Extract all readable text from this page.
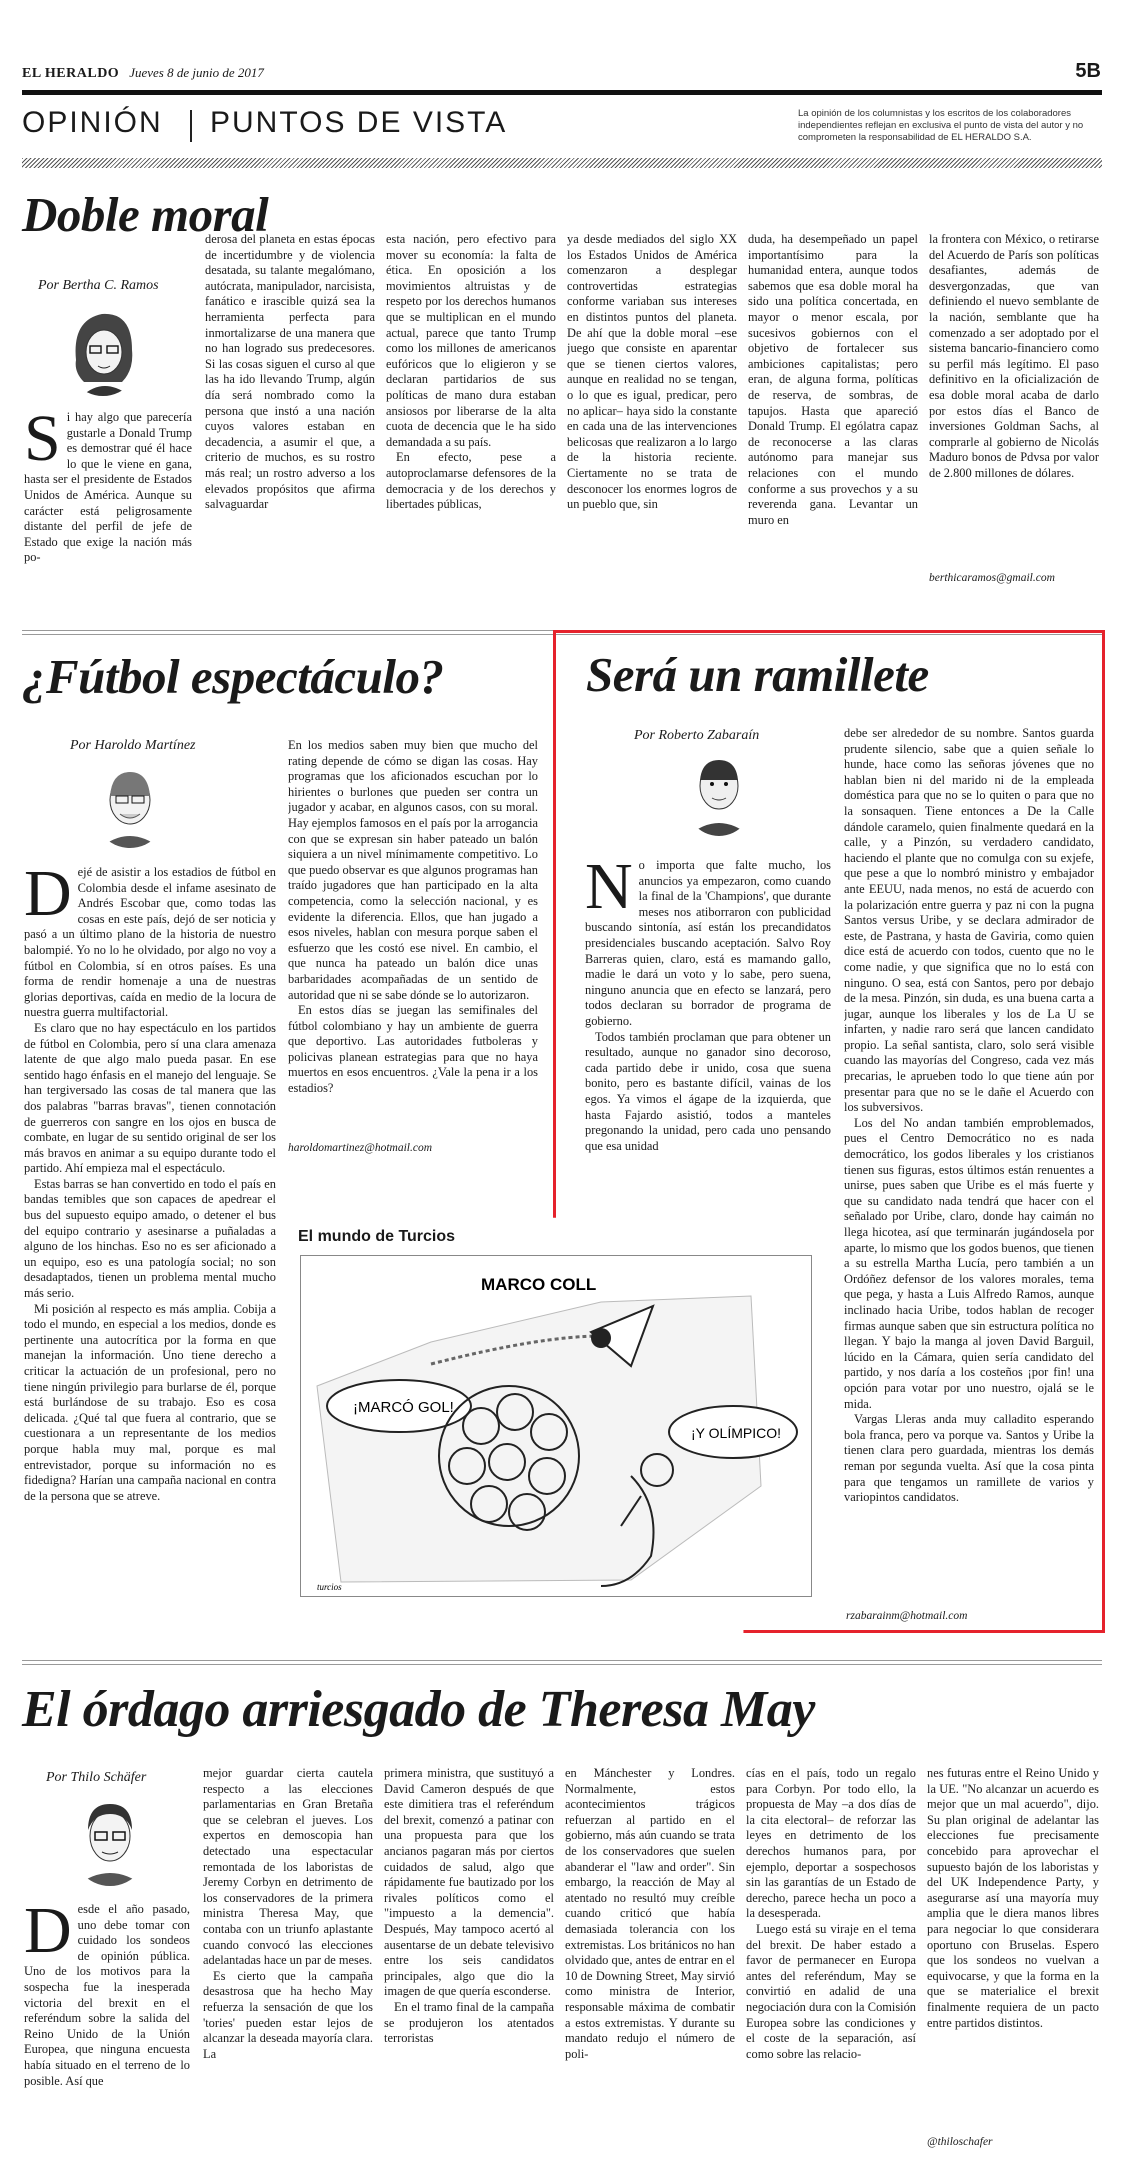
EL HERALDO Jueves 8 de junio de 2017	5B
OPINIÓN PUNTOS DE VISTA	La opinión de los columnistas y los escritos de los colaboradores independientes reflejan en exclusiva el punto de vista del autor y no comprometen la responsabilidad de EL HERALDO S.A.
Doble moral
Por Bertha C. Ramos
S i hay algo que parecería gustarle a Donald Trump es demostrar qué él hace lo que le viene en gana, hasta ser el presidente de Estados Unidos de América. Aunque su carácter está peligrosamente distante del perfil de jefe de Estado que exige la nación más po-

derosa del planeta en estas épocas de incertidumbre y de violencia desatada, su talante megalómano, autócrata, manipulador, narcisista, fanático e irascible quizá sea la herramienta perfecta para inmortalizarse de una manera que no han logrado sus predecesores. Si las cosas siguen el curso al que las ha ido llevando Trump, algún día será nombrado como la persona que instó a una nación cuyos valores estaban en decadencia, a asumir el que, a criterio de muchos, es su rostro más real; un rostro adverso a los elevados propósitos que afirma salvaguardar

esta nación, pero efectivo para mover su economía: la falta de ética. En oposición a los movimientos altruistas y de respeto por los derechos humanos que se multiplican en el mundo actual, parece que tanto Trump como los millones de americanos eufóricos que lo eligieron y se declaran partidarios de sus políticas de mano dura estaban ansiosos por liberarse de la alta cuota de decencia que le ha sido demandada a su país.

En efecto, pese a autoproclamarse defensores de la democracia y de los derechos y libertades públicas,

ya desde mediados del siglo XX los Estados Unidos de América comenzaron a desplegar controvertidas estrategias conforme variaban sus intereses en distintos puntos del planeta. De ahí que la doble moral –ese juego que consiste en aparentar que se tienen ciertos valores, aunque en realidad no se tengan, o lo que es igual, predicar, pero no aplicar– haya sido la constante en cada una de las intervenciones belicosas que realizaron a lo largo de la historia reciente. Ciertamente no se trata de desconocer los enormes logros de un pueblo que, sin

duda, ha desempeñado un papel importantísimo para la humanidad entera, aunque todos sabemos que esa doble moral ha sido una política concertada, en mayor o menor escala, por sucesivos gobiernos con el objetivo de fortalecer sus ambiciones capitalistas; pero eran, de alguna forma, políticas de reserva, de sombras, de tapujos. Hasta que apareció Donald Trump. El ególatra capaz de reconocerse a las claras autónomo para manejar sus relaciones con el mundo conforme a sus provechos y a su reverenda gana. Levantar un muro en

la frontera con México, o retirarse del Acuerdo de París son políticas desafiantes, además de desvergonzadas, que van definiendo el nuevo semblante de la nación, semblante que ha comenzado a ser adoptado por el sistema bancario-financiero como su perfil más legítimo. El paso definitivo en la oficialización de esa doble moral acaba de darlo por estos días el Banco de inversiones Goldman Sachs, al comprarle al gobierno de Nicolás Maduro bonos de Pdvsa por valor de 2.800 millones de dólares.

berthicaramos@gmail.com
¿Fútbol espectáculo?
Por Haroldo Martínez
D ejé de asistir a los estadios de fútbol en Colombia desde el infame asesinato de Andrés Escobar que, como todas las cosas en este país, dejó de ser noticia y pasó a un último plano de la historia de nuestro balompié. Yo no lo he olvidado, por algo no voy a fútbol en Colombia, sí en otros países. Es una forma de rendir homenaje a una de nuestras glorias deportivas, caída en medio de la locura de nuestra guerra multifactorial.

Es claro que no hay espectáculo en los partidos de fútbol en Colombia, pero sí una clara amenaza latente de que algo malo pueda pasar. En ese sentido hago énfasis en el manejo del lenguaje. Se han tergiversado las cosas de tal manera que las dos palabras "barras bravas", tienen connotación de guerreros con sangre en los ojos en busca de combate, en lugar de su sentido original de ser los más bravos en animar a su equipo durante todo el partido. Ahí empieza mal el espectáculo.

Estas barras se han convertido en todo el país en bandas temibles que son capaces de apedrear el bus del supuesto equipo amado, o detener el bus del equipo contrario y asesinarse a puñaladas a alguno de los hinchas. Eso no es ser aficionado a un equipo, eso es una patología social; no son desadaptados, tienen un problema mental mucho más serio.

Mi posición al respecto es más amplia. Cobija a todo el mundo, en especial a los medios, donde es pertinente una autocrítica por la forma en que manejan la información. Uno tiene derecho a criticar la actuación de un profesional, pero no tiene ningún privilegio para burlarse de él, porque está burlándose de su trabajo. Eso es cosa delicada. ¿Qué tal que fuera al contrario, que se cuestionara a un representante de los medios porque habla muy mal, porque es mal entrevistador, porque su información no es fidedigna? Harían una campaña nacional en contra de la persona que se atreve.

En los medios saben muy bien que mucho del rating depende de cómo se digan las cosas. Hay programas que los aficionados escuchan por lo hirientes o burlones que pueden ser contra un jugador y acabar, en algunos casos, con su moral. Hay ejemplos famosos en el país por la arrogancia con que se expresan sin haber pateado un balón siquiera a un nivel mínimamente competitivo. Lo que puedo observar es que algunos programas han traído jugadores que han participado en la alta competencia, como la selección nacional, y es evidente la diferencia. Ellos, que han jugado a esos niveles, hablan con mesura porque saben el esfuerzo que les costó ese nivel. En cambio, el que nunca ha pateado un balón dice unas barbaridades acompañadas de un sentido de autoridad que ni se sabe dónde se lo autorizaron.

En estos días se juegan las semifinales del fútbol colombiano y hay un ambiente de guerra que deportivo. Las autoridades futboleras y policivas planean estrategias para que no haya muertos en esos encuentros. ¿Vale la pena ir a los estadios?

haroldomartinez@hotmail.com
El mundo de Turcios
MARCO COLL
¡MARCÓ GOL!
¡Y OLÍMPICO!
turcios
Será un ramillete
Por Roberto Zabaraín
N o importa que falte mucho, los anuncios ya empezaron, como cuando la final de la 'Champions', que durante meses nos atiborraron con publicidad buscando sintonía, así están los precandidatos presidenciales buscando aceptación. Salvo Roy Barreras quien, claro, está es mamando gallo, madie le dará un voto y lo sabe, pero suena, ninguno anuncia que en efecto se lanzará, pero todos declaran su borrador de programa de gobierno.

Todos también proclaman que para obtener un resultado, aunque no ganador sino decoroso, cada partido debe ir unido, cosa que suena bonito, pero es bastante difícil, vainas de los egos. Ya vimos el ágape de la izquierda, que hasta Fajardo asistió, todos a manteles pregonando la unidad, pero cada uno pensando que esa unidad

debe ser alrededor de su nombre. Santos guarda prudente silencio, sabe que a quien señale lo hunde, hace como las señoras jóvenes que no hablan bien ni del marido ni de la empleada doméstica para que no se lo quiten o para que no la sonsaquen. Tiene entonces a De la Calle dándole caramelo, quien finalmente quedará en la calle, y a Pinzón, su verdadero candidato, haciendo el plante que no comulga con su exjefe, que pese a que lo nombró ministro y embajador ante EEUU, nada menos, no está de acuerdo con la polarización entre guerra y paz ni con la pugna Santos versus Uribe, y se declara admirador de este, de Pastrana, y hasta de Gaviria, como quien dice está de acuerdo con todos, cuento que no le come nadie, y que significa que no lo está con ninguno. O sea, está con Santos, pero por debajo de la mesa. Pinzón, sin duda, es una buena carta a jugar, aunque los liberales y los de La U se infarten, y nadie raro será que lancen candidato propio. La señal santista, claro, solo será visible cuando las mayorías del Congreso, cada vez más precarias, le aprueben todo lo que tiene aún por presentar para que no se le dañe el Acuerdo con los subversivos.

Los del No andan también emproblemados, pues el Centro Democrático no es nada democrático, los godos liberales y los cristianos tienen sus figuras, estos últimos están renuentes a unirse, pues saben que Uribe es el más fuerte y que su candidato nada tendrá que hacer con el señalado por Uribe, claro, donde hay caimán no llega hicotea, así que terminarán jugándosela por aparte, lo mismo que los godos buenos, que tienen a su estrella Martha Lucía, pero también a un Ordóñez defensor de los valores morales, tema que pega, y hasta a Luis Alfredo Ramos, aunque inclinado hacia Uribe, todos hablan de recoger firmas aunque saben que sin estructura política no llegan. Y bajo la manga al joven David Barguil, lúcido en la Cámara, quien sería candidato del partido, y nos daría a los costeños ¡por fin! una opción para votar por uno nuestro, ojalá se le mida.

Vargas Lleras anda muy calladito esperando bola franca, pero va porque va. Santos y Uribe la tienen clara pero guardada, mientras los demás reman por segunda vuelta. Así que la cosa pinta para que tengamos un ramillete de varios y variopintos candidatos.

rzabarainm@hotmail.com
El órdago arriesgado de Theresa May
Por Thilo Schäfer
D esde el año pasado, uno debe tomar con cuidado los sondeos de opinión pública. Uno de los motivos para la sospecha fue la inesperada victoria del brexit en el referéndum sobre la salida del Reino Unido de la Unión Europea, que ninguna encuesta había situado en el terreno de lo posible. Así que

mejor guardar cierta cautela respecto a las elecciones parlamentarias en Gran Bretaña que se celebran el jueves. Los expertos en demoscopia han detectado una espectacular remontada de los laboristas de Jeremy Corbyn en detrimento de los conservadores de la primera ministra Theresa May, que contaba con un triunfo aplastante cuando convocó las elecciones adelantadas hace un par de meses.

Es cierto que la campaña desastrosa que ha hecho May refuerza la sensación de que los 'tories' pueden estar lejos de alcanzar la deseada mayoría clara. La

primera ministra, que sustituyó a David Cameron después de que este dimitiera tras el referéndum del brexit, comenzó a patinar con una propuesta para que los ancianos pagaran más por ciertos cuidados de salud, algo que rápidamente fue bautizado por los rivales políticos como el "impuesto a la demencia". Después, May tampoco acertó al ausentarse de un debate televisivo entre los seis candidatos principales, algo que dio la imagen de que quería esconderse.

En el tramo final de la campaña se produjeron los atentados terroristas

en Mánchester y Londres. Normalmente, estos acontecimientos trágicos refuerzan al partido en el gobierno, más aún cuando se trata de los conservadores que suelen abanderar el "law and order". Sin embargo, la reacción de May al atentado no resultó muy creíble cuando criticó que había demasiada tolerancia con los extremistas. Los británicos no han olvidado que, antes de entrar en el 10 de Downing Street, May sirvió como ministra de Interior, responsable máxima de combatir a estos extremistas. Y durante su mandato redujo el número de poli-

cías en el país, todo un regalo para Corbyn. Por todo ello, la propuesta de May –a dos días de la cita electoral– de reforzar las leyes en detrimento de los derechos humanos para, por ejemplo, deportar a sospechosos sin las garantías de un Estado de derecho, parece hecha un poco a la desesperada.

Luego está su viraje en el tema del brexit. De haber estado a favor de permanecer en Europa antes del referéndum, May se convirtió en adalid de una negociación dura con la Comisión Europea sobre las condiciones y el coste de la separación, así como sobre las relacio-

nes futuras entre el Reino Unido y la UE. "No alcanzar un acuerdo es mejor que un mal acuerdo", dijo. Su plan original de adelantar las elecciones fue precisamente concebido para aprovechar el supuesto bajón de los laboristas y del UK Independence Party, y asegurarse así una mayoría muy amplia que le diera manos libres para negociar lo que considerara oportuno con Bruselas. Espero que los sondeos no vuelvan a equivocarse, y que la forma en la que se materialice el brexit finalmente requiera de un pacto entre partidos distintos.

@thiloschafer
